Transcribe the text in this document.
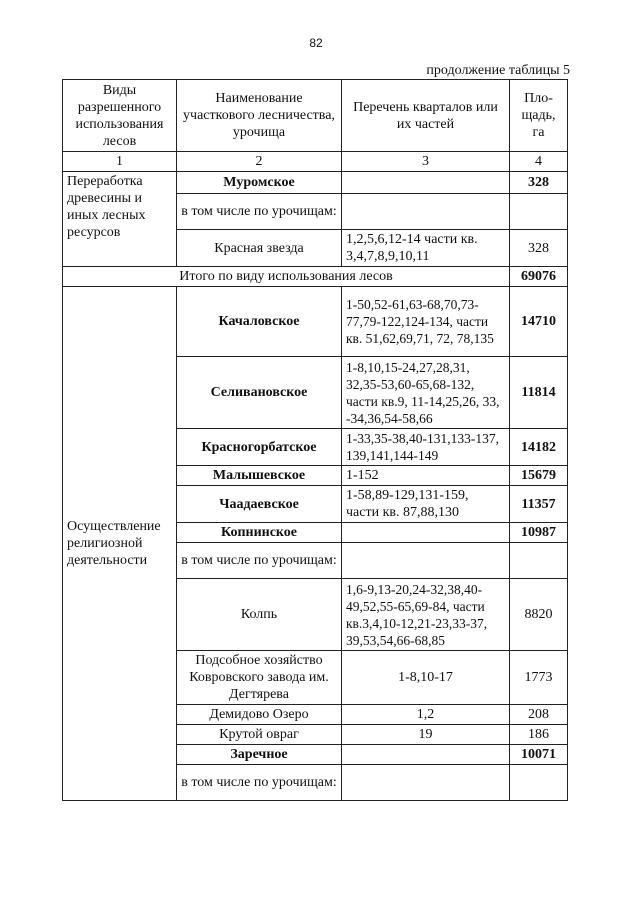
82
продолжение таблицы 5
Виды разрешенного использования лесов	Наименование участкового лесничества, урочища	Перечень кварталов или их частей	Пло-щадь, га
1	2	3	4
Переработка древесины и иных лесных ресурсов	Муромское		328
	в том числе по урочищам:		
	Красная звезда	1,2,5,6,12-14 части кв. 3,4,7,8,9,10,11	328
Итого по виду использования лесов			69076
Осуществление религиозной деятельности	Качаловское	1-50,52-61,63-68,70,73-77,79-122,124-134, части кв. 51,62,69,71, 72, 78,135	14710
	Селивановское	1-8,10,15-24,27,28,31, 32,35-53,60-65,68-132, части кв.9, 11-14,25,26, 33, -34,36,54-58,66	11814
	Красногорбатское	1-33,35-38,40-131,133-137, 139,141,144-149	14182
	Малышевское	1-152	15679
	Чаадаевское	1-58,89-129,131-159, части кв. 87,88,130	11357
	Копнинское		10987
	в том числе по урочищам:		
	Колпь	1,6-9,13-20,24-32,38,40-49,52,55-65,69-84, части кв.3,4,10-12,21-23,33-37, 39,53,54,66-68,85	8820
	Подсобное хозяйство Ковровского завода им. Дегтярева	1-8,10-17	1773
	Демидово Озеро	1,2	208
	Крутой овраг	19	186
	Заречное		10071
	в том числе по урочищам:		
